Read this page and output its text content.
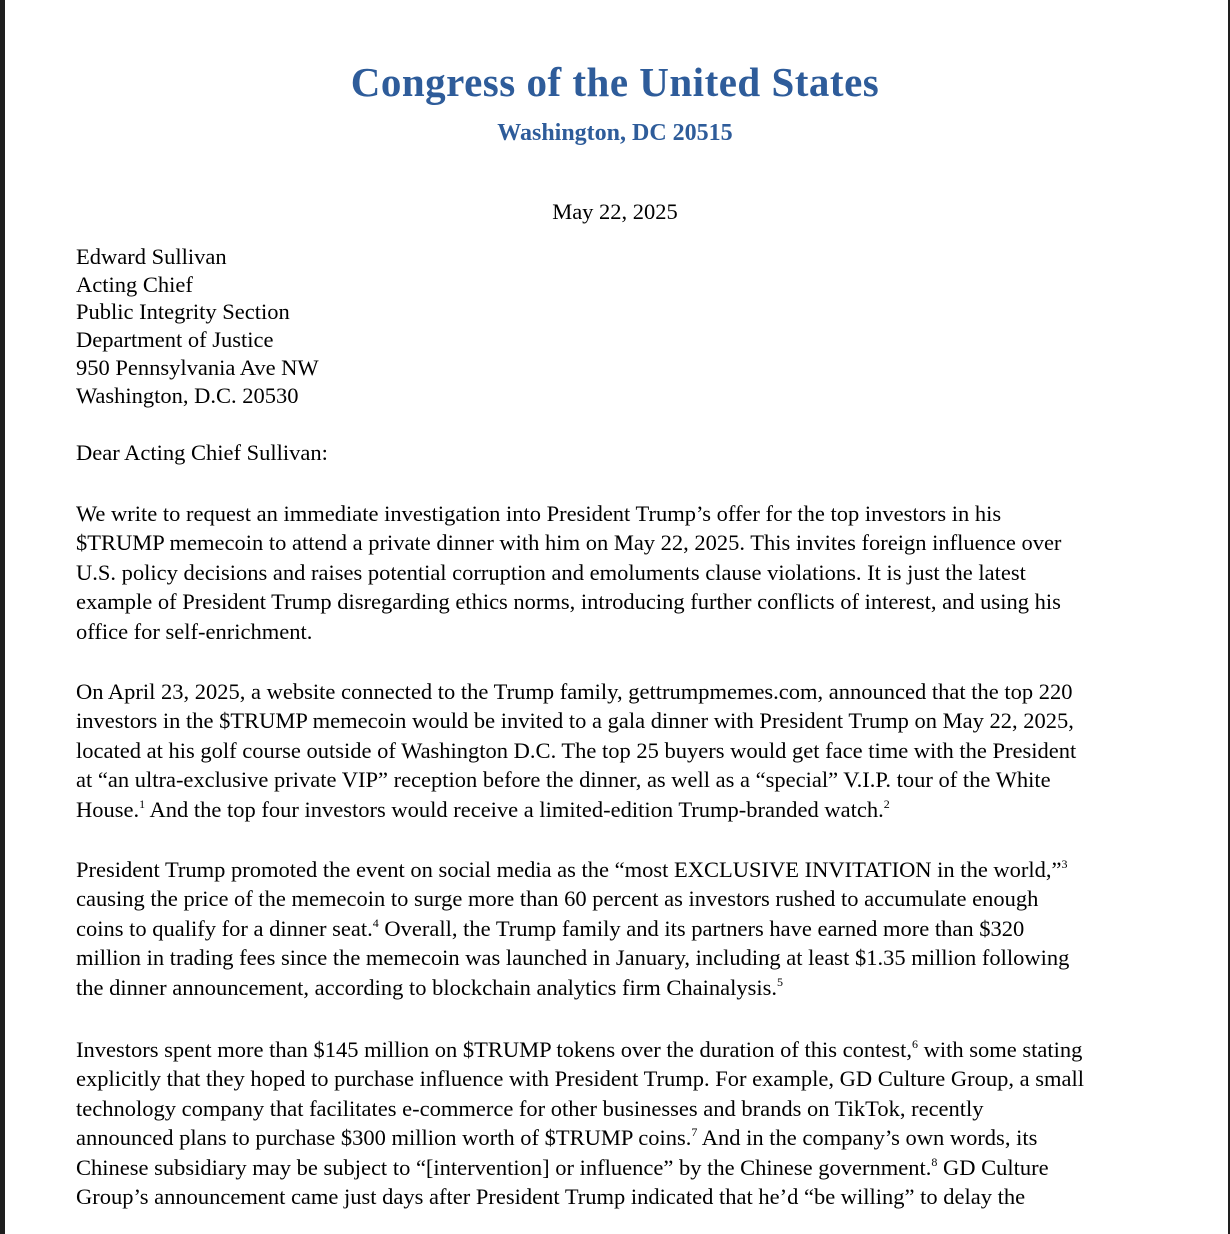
Congress of the United States
Washington, DC 20515
May 22, 2025
Edward Sullivan
Acting Chief
Public Integrity Section
Department of Justice
950 Pennsylvania Ave NW
Washington, D.C. 20530
Dear Acting Chief Sullivan:
We write to request an immediate investigation into President Trump’s offer for the top investors in his
$TRUMP memecoin to attend a private dinner with him on May 22, 2025. This invites foreign influence over
U.S. policy decisions and raises potential corruption and emoluments clause violations. It is just the latest
example of President Trump disregarding ethics norms, introducing further conflicts of interest, and using his
office for self-enrichment.
On April 23, 2025, a website connected to the Trump family, gettrumpmemes.com, announced that the top 220
investors in the $TRUMP memecoin would be invited to a gala dinner with President Trump on May 22, 2025,
located at his golf course outside of Washington D.C. The top 25 buyers would get face time with the President
at “an ultra-exclusive private VIP” reception before the dinner, as well as a “special” V.I.P. tour of the White
House.$^1$ And the top four investors would receive a limited-edition Trump-branded watch.$^2$
President Trump promoted the event on social media as the “most EXCLUSIVE INVITATION in the world,”$^3$
causing the price of the memecoin to surge more than 60 percent as investors rushed to accumulate enough
coins to qualify for a dinner seat.$^4$ Overall, the Trump family and its partners have earned more than $320
million in trading fees since the memecoin was launched in January, including at least $1.35 million following
the dinner announcement, according to blockchain analytics firm Chainalysis.$^5$
Investors spent more than $145 million on $TRUMP tokens over the duration of this contest,$^6$ with some stating
explicitly that they hoped to purchase influence with President Trump. For example, GD Culture Group, a small
technology company that facilitates e-commerce for other businesses and brands on TikTok, recently
announced plans to purchase $300 million worth of $TRUMP coins.$^7$ And in the company’s own words, its
Chinese subsidiary may be subject to “[intervention] or influence” by the Chinese government.$^8$ GD Culture
Group’s announcement came just days after President Trump indicated that he’d “be willing” to delay the
